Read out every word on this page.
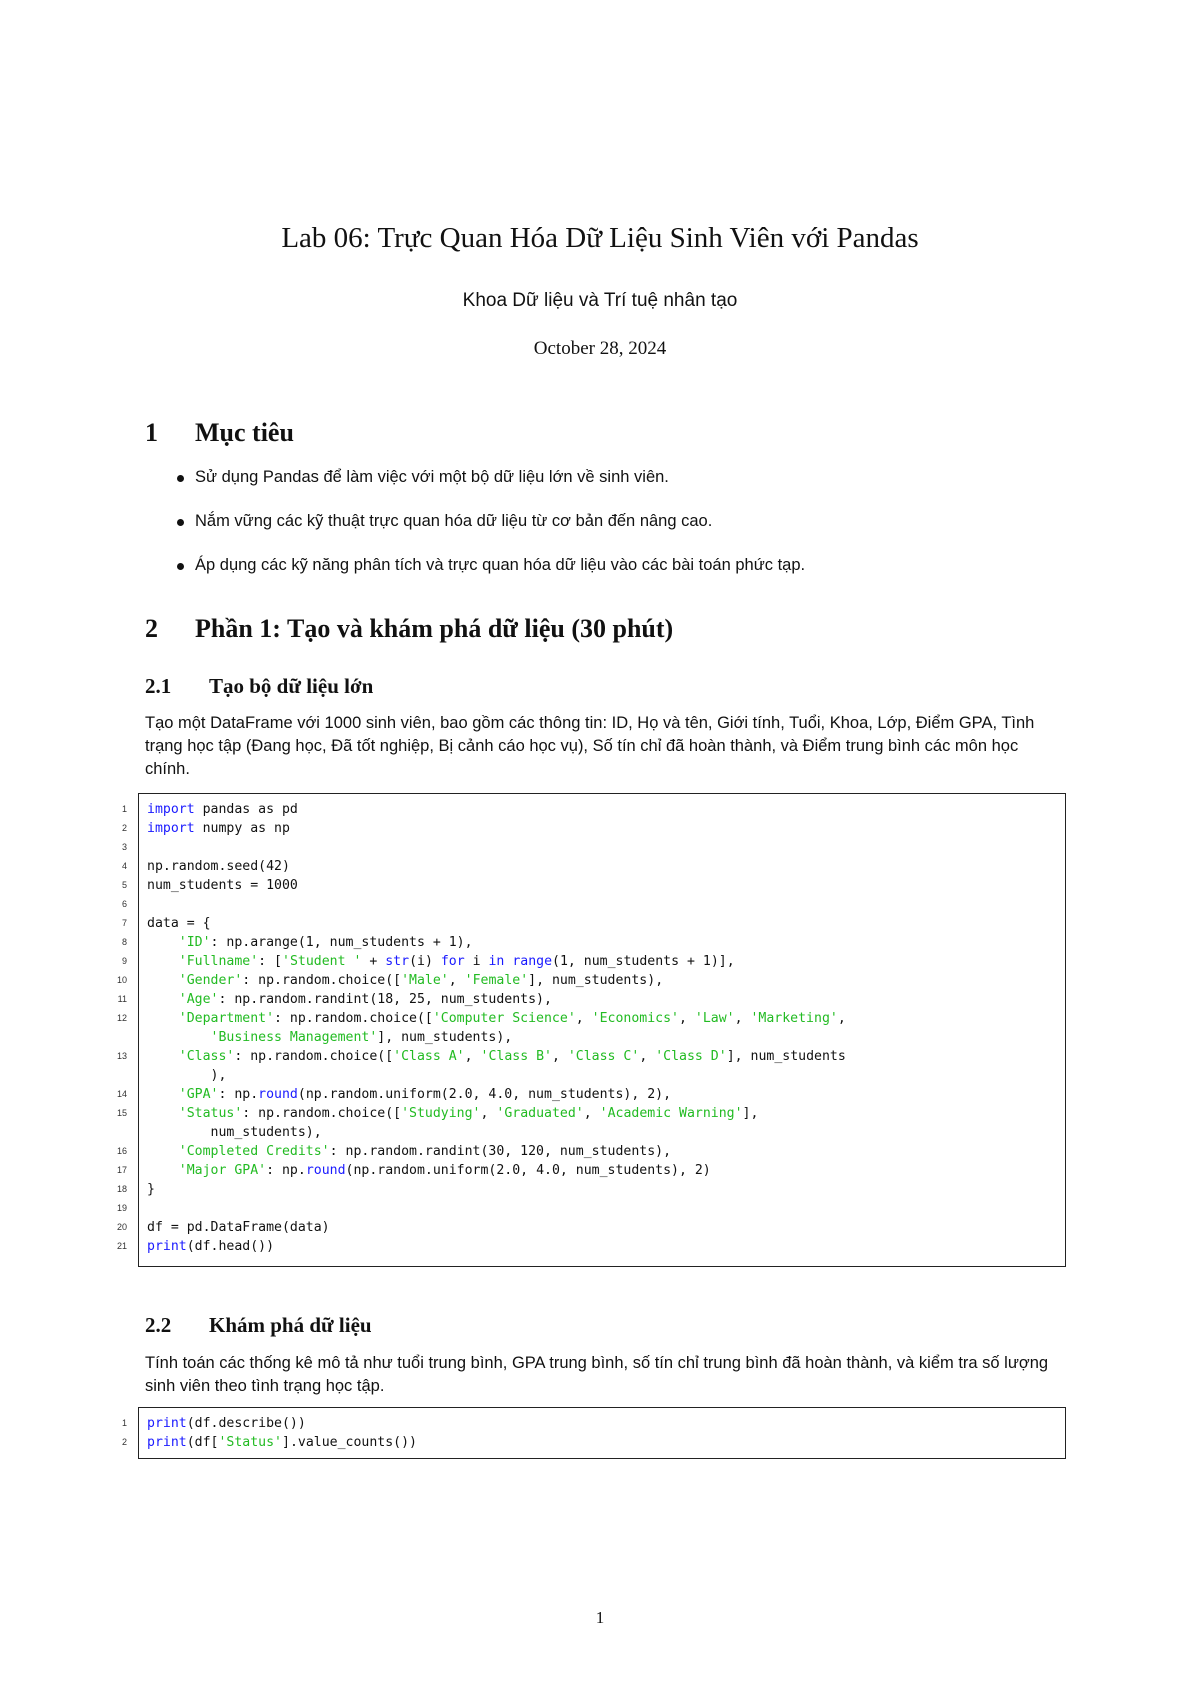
Lab 06: Trực Quan Hóa Dữ Liệu Sinh Viên với Pandas
Khoa Dữ liệu và Trí tuệ nhân tạo
October 28, 2024
1 Mục tiêu
Sử dụng Pandas để làm việc với một bộ dữ liệu lớn về sinh viên.
Nắm vững các kỹ thuật trực quan hóa dữ liệu từ cơ bản đến nâng cao.
Áp dụng các kỹ năng phân tích và trực quan hóa dữ liệu vào các bài toán phức tạp.
2 Phần 1: Tạo và khám phá dữ liệu (30 phút)
2.1 Tạo bộ dữ liệu lớn
Tạo một DataFrame với 1000 sinh viên, bao gồm các thông tin: ID, Họ và tên, Giới tính, Tuổi, Khoa, Lớp, Điểm GPA, Tình trạng học tập (Đang học, Đã tốt nghiệp, Bị cảnh cáo học vụ), Số tín chỉ đã hoàn thành, và Điểm trung bình các môn học chính.
1 import pandas as pd
2 import numpy as np
3
4 np.random.seed(42)
5 num_students = 1000
6
7 data = {
8	'ID': np.arange(1, num_students + 1),
9	'Fullname': ['Student ' + str(i) for i in range(1, num_students + 1)],
10	'Gender': np.random.choice(['Male', 'Female'], num_students),
11	'Age': np.random.randint(18, 25, num_students),
12	'Department': np.random.choice(['Computer Science', 'Economics', 'Law', 'Marketing',
'Business Management'], num_students),
13	'Class': np.random.choice(['Class A', 'Class B', 'Class C', 'Class D'], num_students
),
14	'GPA': np.round(np.random.uniform(2.0, 4.0, num_students), 2),
15	'Status': np.random.choice(['Studying', 'Graduated', 'Academic Warning'],
num_students),
16	'Completed Credits': np.random.randint(30, 120, num_students),
17	'Major GPA': np.round(np.random.uniform(2.0, 4.0, num_students), 2)
18 }
19
20 df = pd.DataFrame(data)
21 print(df.head())
2.2 Khám phá dữ liệu
Tính toán các thống kê mô tả như tuổi trung bình, GPA trung bình, số tín chỉ trung bình đã hoàn thành, và kiểm tra số lượng sinh viên theo tình trạng học tập.
1 print(df.describe())
2 print(df['Status'].value_counts())
1
